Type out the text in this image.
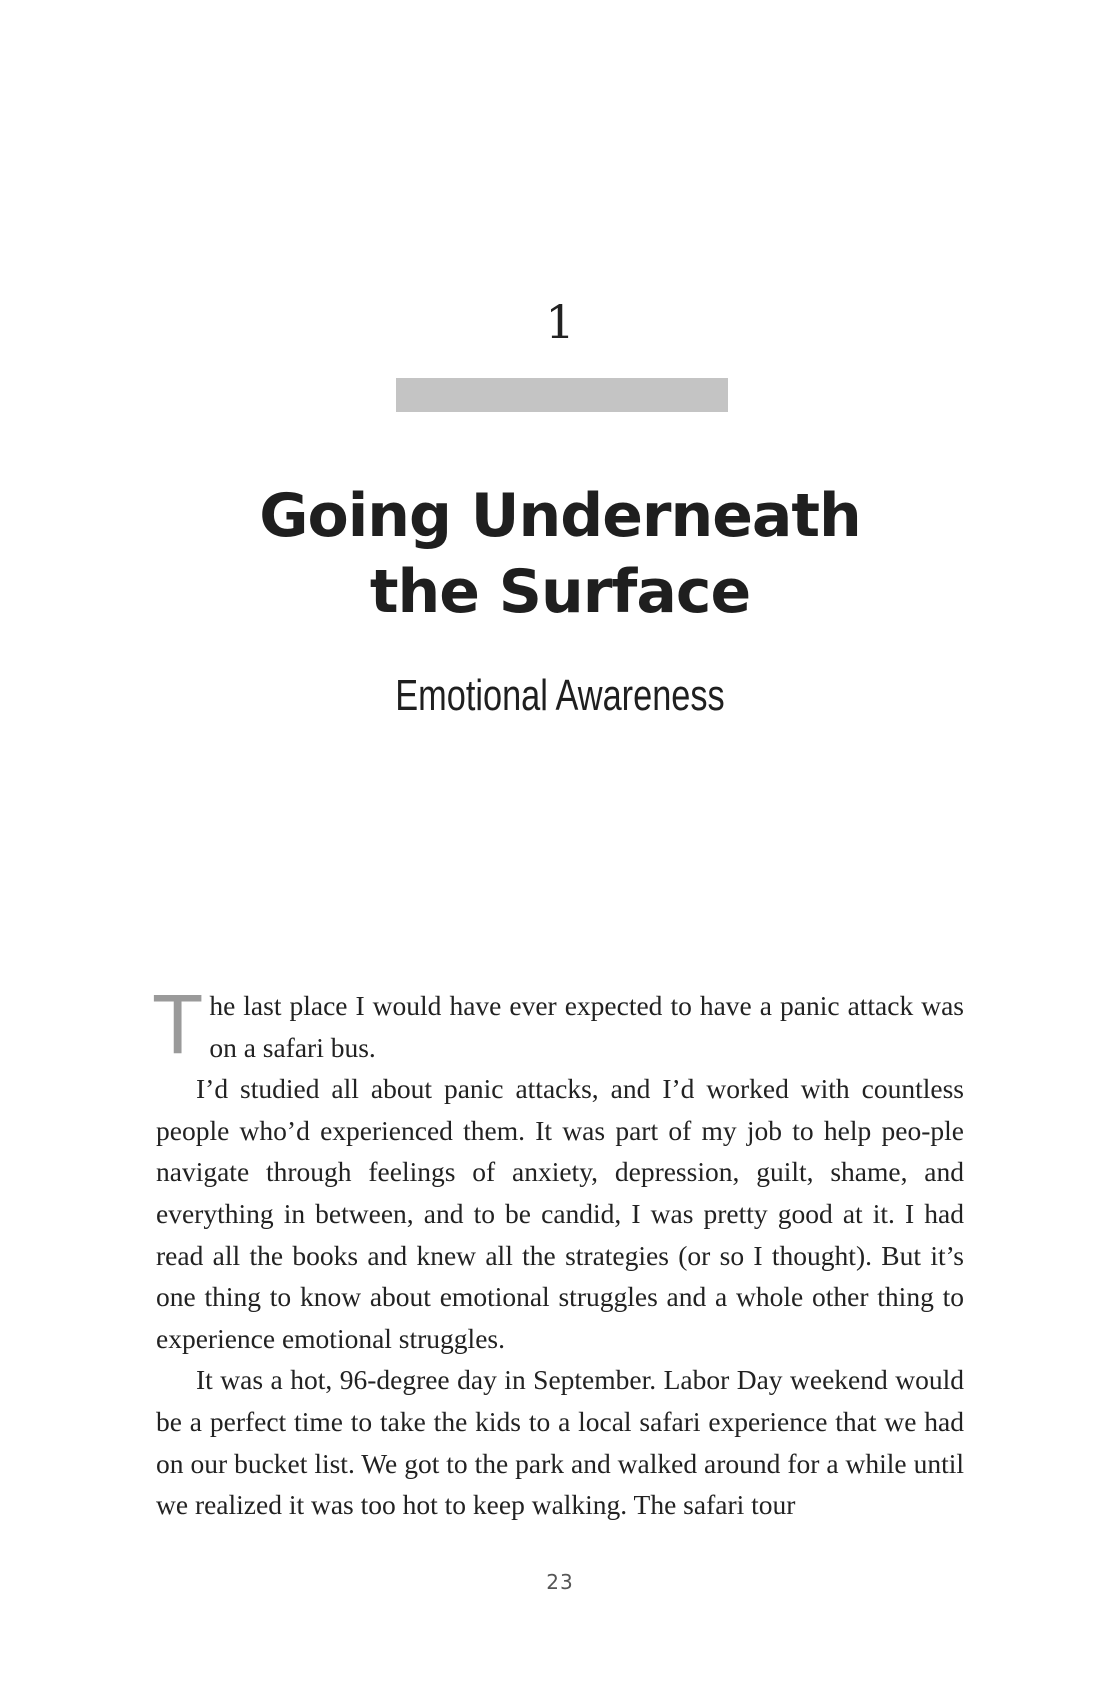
1
Going Underneath
the Surface
Emotional Awareness

The last place I would have ever expected to have a panic attack was on a safari bus.

I’d studied all about panic attacks, and I’d worked with countless people who’d experienced them. It was part of my job to help peo-ple navigate through feelings of anxiety, depression, guilt, shame, and everything in between, and to be candid, I was pretty good at it. I had read all the books and knew all the strategies (or so I thought). But it’s one thing to know about emotional struggles and a whole other thing to experience emotional struggles.

It was a hot, 96-degree day in September. Labor Day weekend would be a perfect time to take the kids to a local safari experience that we had on our bucket list. We got to the park and walked around for a while until we realized it was too hot to keep walking. The safari tour

23
